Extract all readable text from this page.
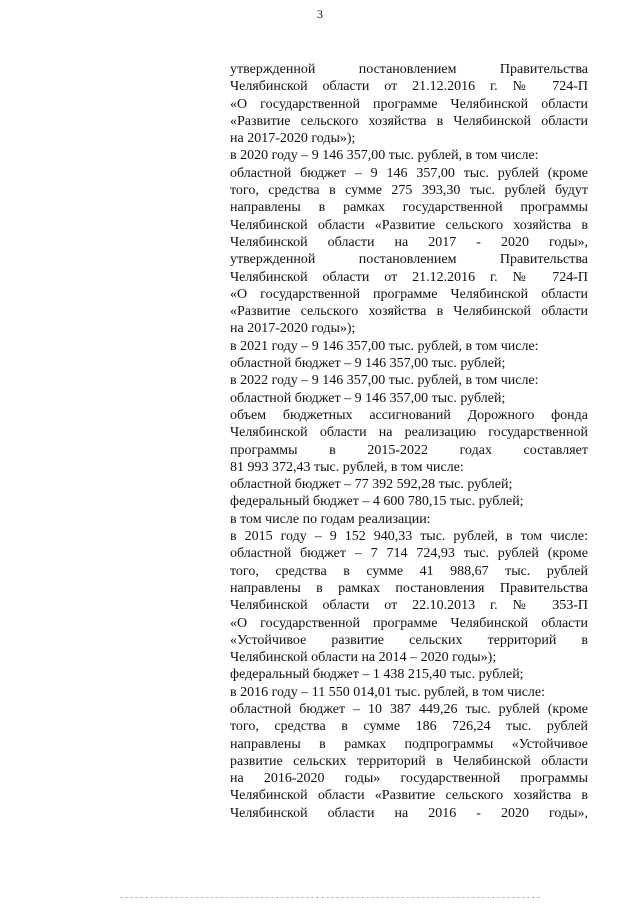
3
утвержденной постановлением Правительства
Челябинской области от 21.12.2016 г. № 724-П
«О государственной программе Челябинской области
«Развитие сельского хозяйства в Челябинской области
на 2017-2020 годы»);
в 2020 году – 9 146 357,00 тыс. рублей, в том числе:
областной бюджет – 9 146 357,00 тыс. рублей (кроме
того, средства в сумме 275 393,30 тыс. рублей будут
направлены в рамках государственной программы
Челябинской области «Развитие сельского хозяйства в
Челябинской области на 2017 - 2020 годы»,
утвержденной постановлением Правительства
Челябинской области от 21.12.2016 г. № 724-П
«О государственной программе Челябинской области
«Развитие сельского хозяйства в Челябинской области
на 2017-2020 годы»);
в 2021 году – 9 146 357,00 тыс. рублей, в том числе:
областной бюджет – 9 146 357,00 тыс. рублей;
в 2022 году – 9 146 357,00 тыс. рублей, в том числе:
областной бюджет – 9 146 357,00 тыс. рублей;
объем бюджетных ассигнований Дорожного фонда
Челябинской области на реализацию государственной
программы в 2015-2022 годах составляет
81 993 372,43 тыс. рублей, в том числе:
областной бюджет – 77 392 592,28 тыс. рублей;
федеральный бюджет – 4 600 780,15 тыс. рублей;
в том числе по годам реализации:
в 2015 году – 9 152 940,33 тыс. рублей, в том числе:
областной бюджет – 7 714 724,93 тыс. рублей (кроме
того, средства в сумме 41 988,67 тыс. рублей
направлены в рамках постановления Правительства
Челябинской области от 22.10.2013 г. № 353-П
«О государственной программе Челябинской области
«Устойчивое развитие сельских территорий в
Челябинской области на 2014 – 2020 годы»);
федеральный бюджет – 1 438 215,40 тыс. рублей;
в 2016 году – 11 550 014,01 тыс. рублей, в том числе:
областной бюджет – 10 387 449,26 тыс. рублей (кроме
того, средства в сумме 186 726,24 тыс. рублей
направлены в рамках подпрограммы «Устойчивое
развитие сельских территорий в Челябинской области
на 2016-2020 годы» государственной программы
Челябинской области «Развитие сельского хозяйства в
Челябинской области на 2016 - 2020 годы»,
